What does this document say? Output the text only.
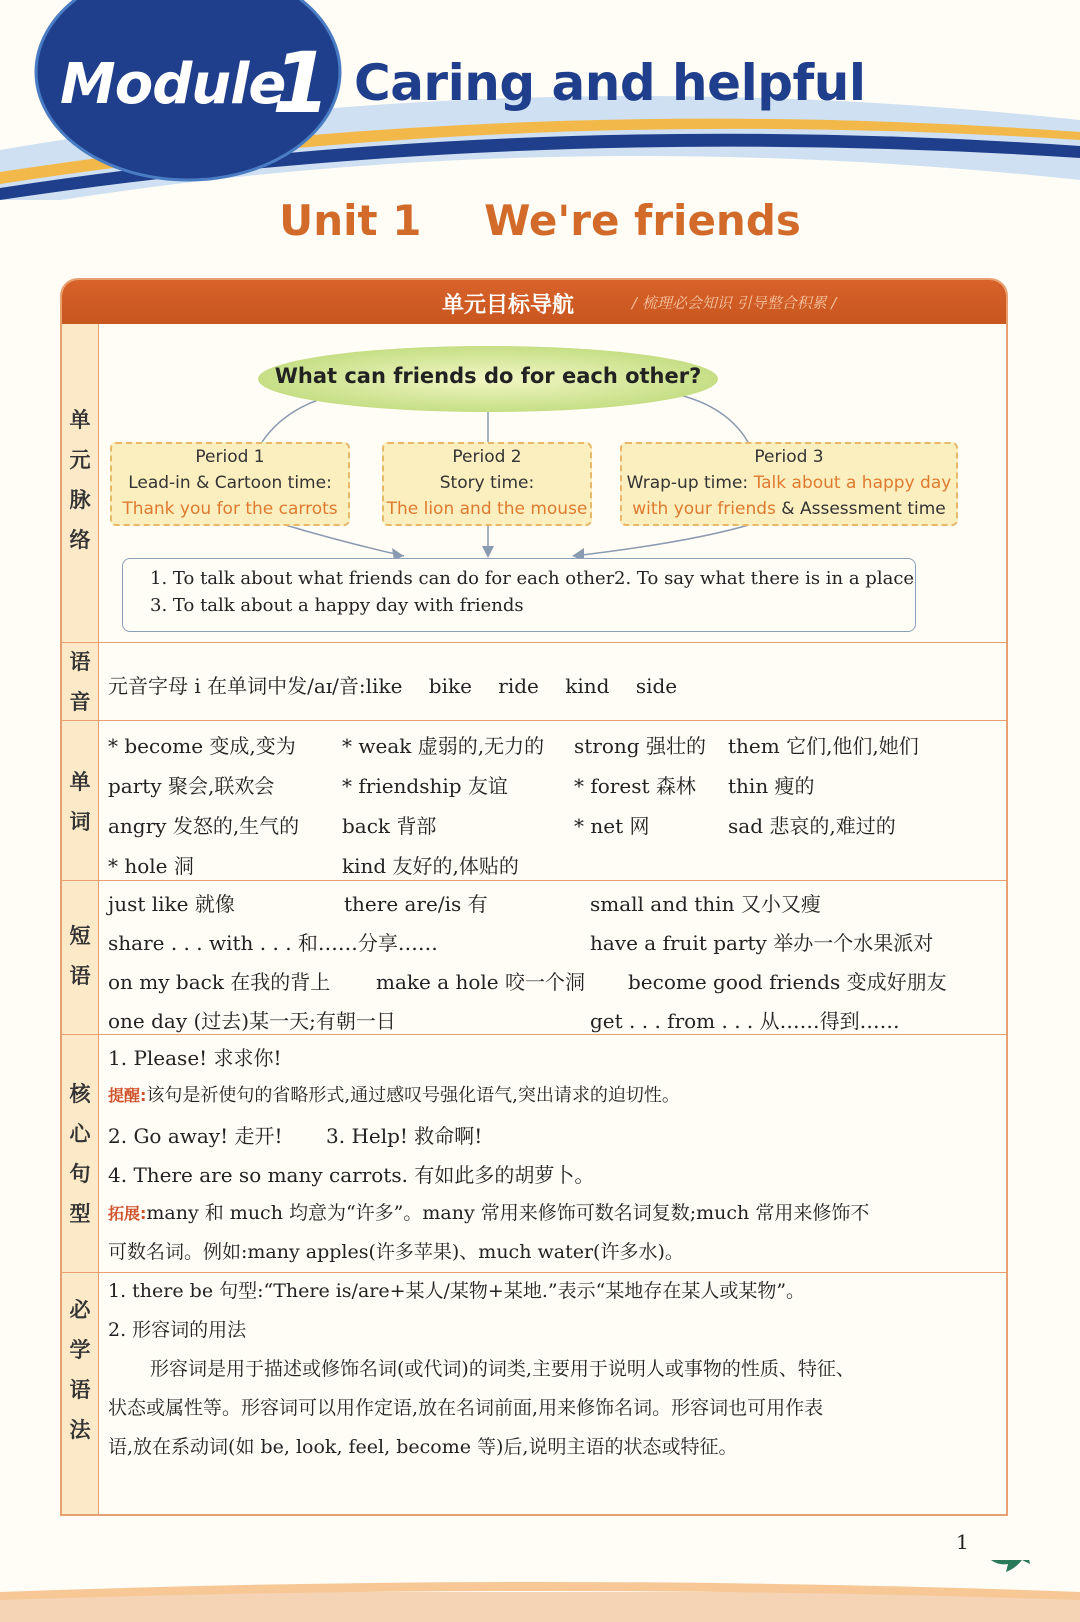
Module
1 Caring and helpful
Unit 1 We're friends
单元目标导航	/ 梳理必会知识 引导整合积累 /
单
元
脉
络
语
音
单
词
短
语
核
心
句
型
必
学
语
法
What can friends do for each other?
Period 1
Lead-in & Cartoon time:
Thank you for the carrots
Period 2
Story time:
The lion and the mouse
Period 3
Wrap-up time: Talk about a happy day
with your friends & Assessment time
1. To talk about what friends can do for each other 2. To say what there is in a place
3. To talk about a happy day with friends
元音字母 i 在单词中发/aɪ/音:like bike ride kind side
* become 变成,变为 * weak 虚弱的,无力的 strong 强壮的 them 它们,他们,她们
party 聚会,联欢会	* friendship 友谊	* forest 森林 thin 瘦的
angry 发怒的,生气的 back 背部	* net 网	sad 悲哀的,难过的
* hole 洞	kind 友好的,体贴的
just like 就像	there are/is 有	small and thin 又小又瘦
share . . . with . . . 和……分享……	have a fruit party 举办一个水果派对
on my back 在我的背上 make a hole 咬一个洞 become good friends 变成好朋友
one day (过去)某一天;有朝一日	get . . . from . . . 从……得到……
1. Please! 求求你!
提醒:该句是祈使句的省略形式,通过感叹号强化语气,突出请求的迫切性。
2. Go away! 走开! 3. Help! 救命啊!
4. There are so many carrots. 有如此多的胡萝卜。
拓展:many 和 much 均意为“许多”。many 常用来修饰可数名词复数;much 常用来修饰不
可数名词。例如:many apples(许多苹果)、much water(许多水)。
1. there be 句型:“There is/are+某人/某物+某地.”表示“某地存在某人或某物”。
2. 形容词的用法
形容词是用于描述或修饰名词(或代词)的词类,主要用于说明人或事物的性质、特征、
状态或属性等。形容词可以用作定语,放在名词前面,用来修饰名词。形容词也可用作表
语,放在系动词(如 be, look, feel, become 等)后,说明主语的状态或特征。
1
